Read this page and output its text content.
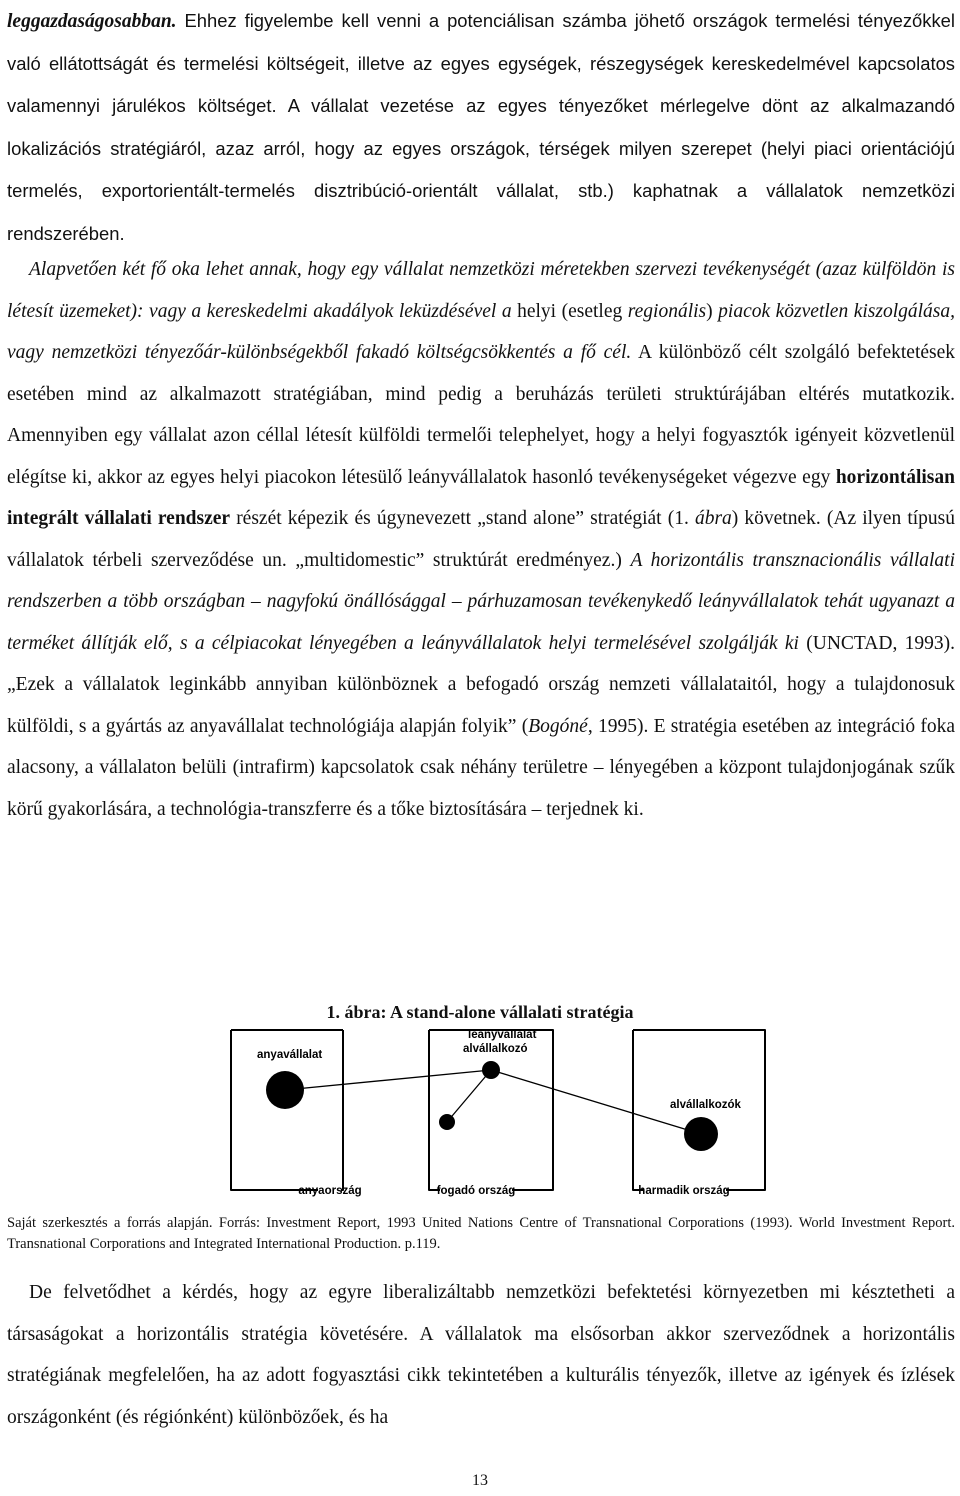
leggazdaságosabban. Ehhez figyelembe kell venni a potenciálisan számba jöhető országok termelési tényezőkkel való ellátottságát és termelési költségeit, illetve az egyes egységek, részegységek kereskedelmével kapcsolatos valamennyi járulékos költséget. A vállalat vezetése az egyes tényezőket mérlegelve dönt az alkalmazandó lokalizációs stratégiáról, azaz arról, hogy az egyes országok, térségek milyen szerepet (helyi piaci orientációjú termelés, exportorientált-termelés disztribúció-orientált vállalat, stb.) kaphatnak a vállalatok nemzetközi rendszerében.

Alapvetően két fő oka lehet annak, hogy egy vállalat nemzetközi méretekben szervezi tevékenységét (azaz külföldön is létesít üzemeket): vagy a kereskedelmi akadályok leküzdésével a helyi (esetleg regionális) piacok közvetlen kiszolgálása, vagy nemzetközi tényezőár-különbségekből fakadó költségcsökkentés a fő cél. A különböző célt szolgáló befektetések esetében mind az alkalmazott stratégiában, mind pedig a beruházás területi struktúrájában eltérés mutatkozik. Amennyiben egy vállalat azon céllal létesít külföldi termelői telephelyet, hogy a helyi fogyasztók igényeit közvetlenül elégítse ki, akkor az egyes helyi piacokon létesülő leányvállalatok hasonló tevékenységeket végezve egy horizontálisan integrált vállalati rendszer részét képezik és úgynevezett „stand alone” stratégiát (1. ábra) követnek. (Az ilyen típusú vállalatok térbeli szerveződése un. „multidomestic” struktúrát eredményez.) A horizontális transznacionális vállalati rendszerben a több országban – nagyfokú önállósággal – párhuzamosan tevékenykedő leányvállalatok tehát ugyanazt a terméket állítják elő, s a célpiacokat lényegében a leányvállalatok helyi termelésével szolgálják ki (UNCTAD, 1993). „Ezek a vállalatok leginkább annyiban különböznek a befogadó ország nemzeti vállalataitól, hogy a tulajdonosuk külföldi, s a gyártás az anyavállalat technológiája alapján folyik” (Bogóné, 1995). E stratégia esetében az integráció foka alacsony, a vállalaton belüli (intrafirm) kapcsolatok csak néhány területre – lényegében a központ tulajdonjogának szűk körű gyakorlására, a technológia-transzferre és a tőke biztosítására – terjednek ki.

1. ábra: A stand-alone vállalati stratégia

anyavállalat
anyaország
leányvállalat
alvállalkozó
fogadó ország
alvállalkozók
harmadik ország

Saját szerkesztés a forrás alapján. Forrás: Investment Report, 1993 United Nations Centre of Transnational Corporations (1993). World Investment Report. Transnational Corporations and Integrated International Production. p.119.

De felvetődhet a kérdés, hogy az egyre liberalizáltabb nemzetközi befektetési környezetben mi késztetheti a társaságokat a horizontális stratégia követésére. A vállalatok ma elsősorban akkor szerveződnek a horizontális stratégiának megfelelően, ha az adott fogyasztási cikk tekintetében a kulturális tényezők, illetve az igények és ízlések országonként (és régiónként) különbözőek, és ha

13
